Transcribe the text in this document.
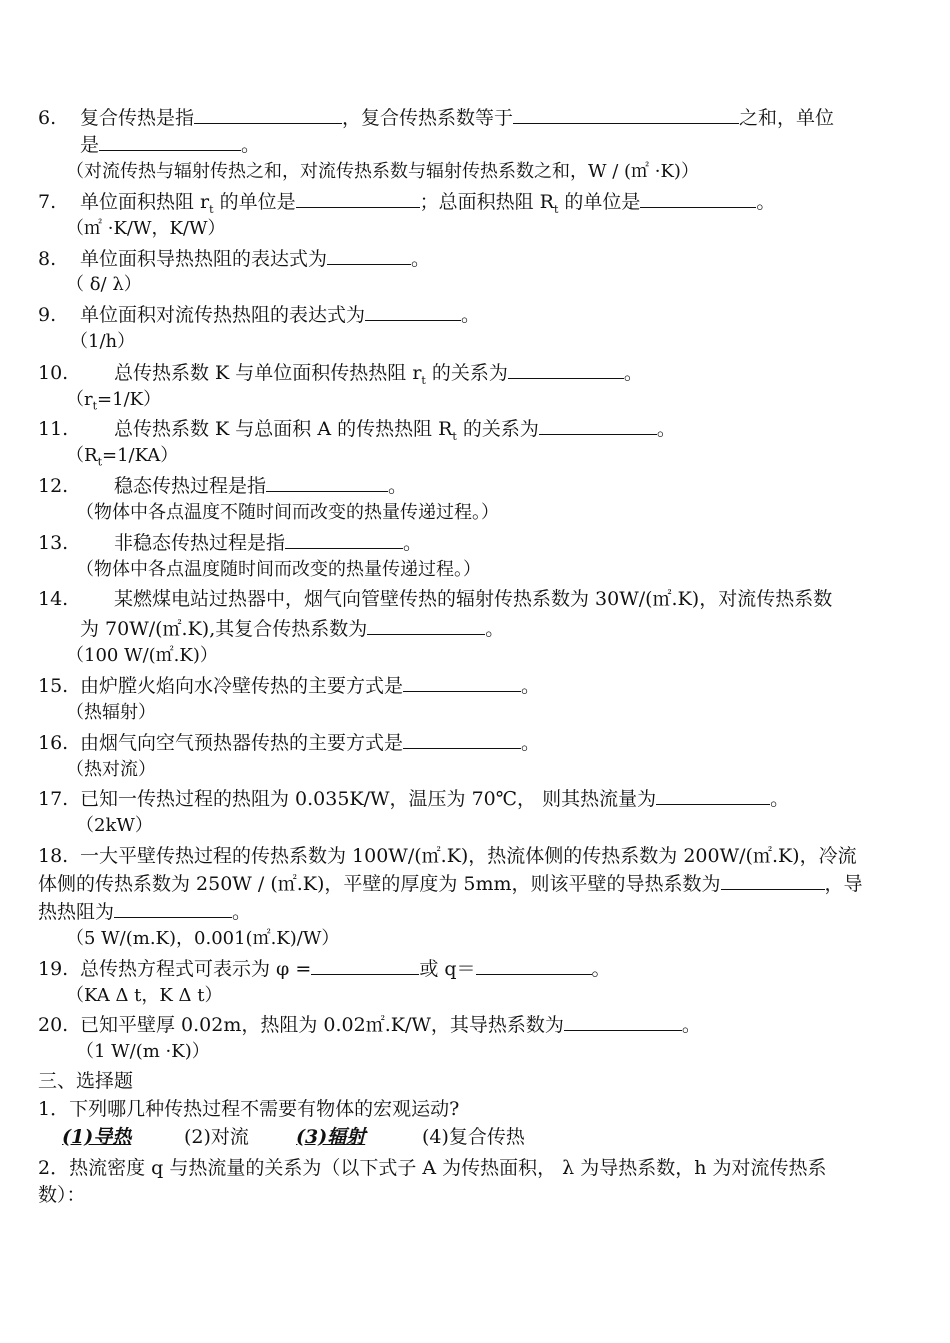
6. 复合传热是指	，复合传热系数等于	之和，单位
是	。
（对流传热与辐射传热之和，对流传热系数与辐射传热系数之和，W / (㎡ ·K)）
7. 单位面积热阻 $r_t$ 的单位是	；总面积热阻 $R_t$ 的单位是	。
（㎡ ·K/W，K/W）
8. 单位面积导热热阻的表达式为	。
（ δ/ λ）
9. 单位面积对流传热热阻的表达式为	。
（1/h）
10. 总传热系数 K 与单位面积传热热阻 $r_t$ 的关系为	。
$(r_t=1/K)$
11. 总传热系数 K 与总面积 A 的传热热阻 $R_t$ 的关系为	。
$(R_t=1/KA)$
12. 稳态传热过程是指	。
（物体中各点温度不随时间而改变的热量传递过程。）
13. 非稳态传热过程是指	。
（物体中各点温度随时间而改变的热量传递过程。）
14. 某燃煤电站过热器中，烟气向管壁传热的辐射传热系数为 30W/(㎡.K)，对流传热系数
为 70W/(㎡.K),其复合传热系数为	。
（100 W/(㎡.K)）
15. 由炉膛火焰向水冷壁传热的主要方式是	。
（热辐射）
16. 由烟气向空气预热器传热的主要方式是	。
（热对流）
17. 已知一传热过程的热阻为 0.035K/W，温压为 70℃， 则其热流量为	。
（2kW）
18. 一大平壁传热过程的传热系数为 100W/(㎡.K)，热流体侧的传热系数为 200W/(㎡.K)，冷流
体侧的传热系数为 250W / (㎡.K)，平壁的厚度为 5mm，则该平壁的导热系数为	，导
热热阻为	。
（5 W/(m.K)，0.001(㎡.K)/W）
19. 总传热方程式可表示为 φ =	或 q＝	。
（KA Δ t，K Δ t）
20. 已知平壁厚 0.02m，热阻为 0.02㎡.K/W，其导热系数为	。
（1 W/(m ·K)）
三、选择题
1．下列哪几种传热过程不需要有物体的宏观运动?
(1)导热	(2)对流 (3)辐射	(4)复合传热
2．热流密度 q 与热流量的关系为（以下式子 A 为传热面积， λ 为导热系数，h 为对流传热系
数）：
